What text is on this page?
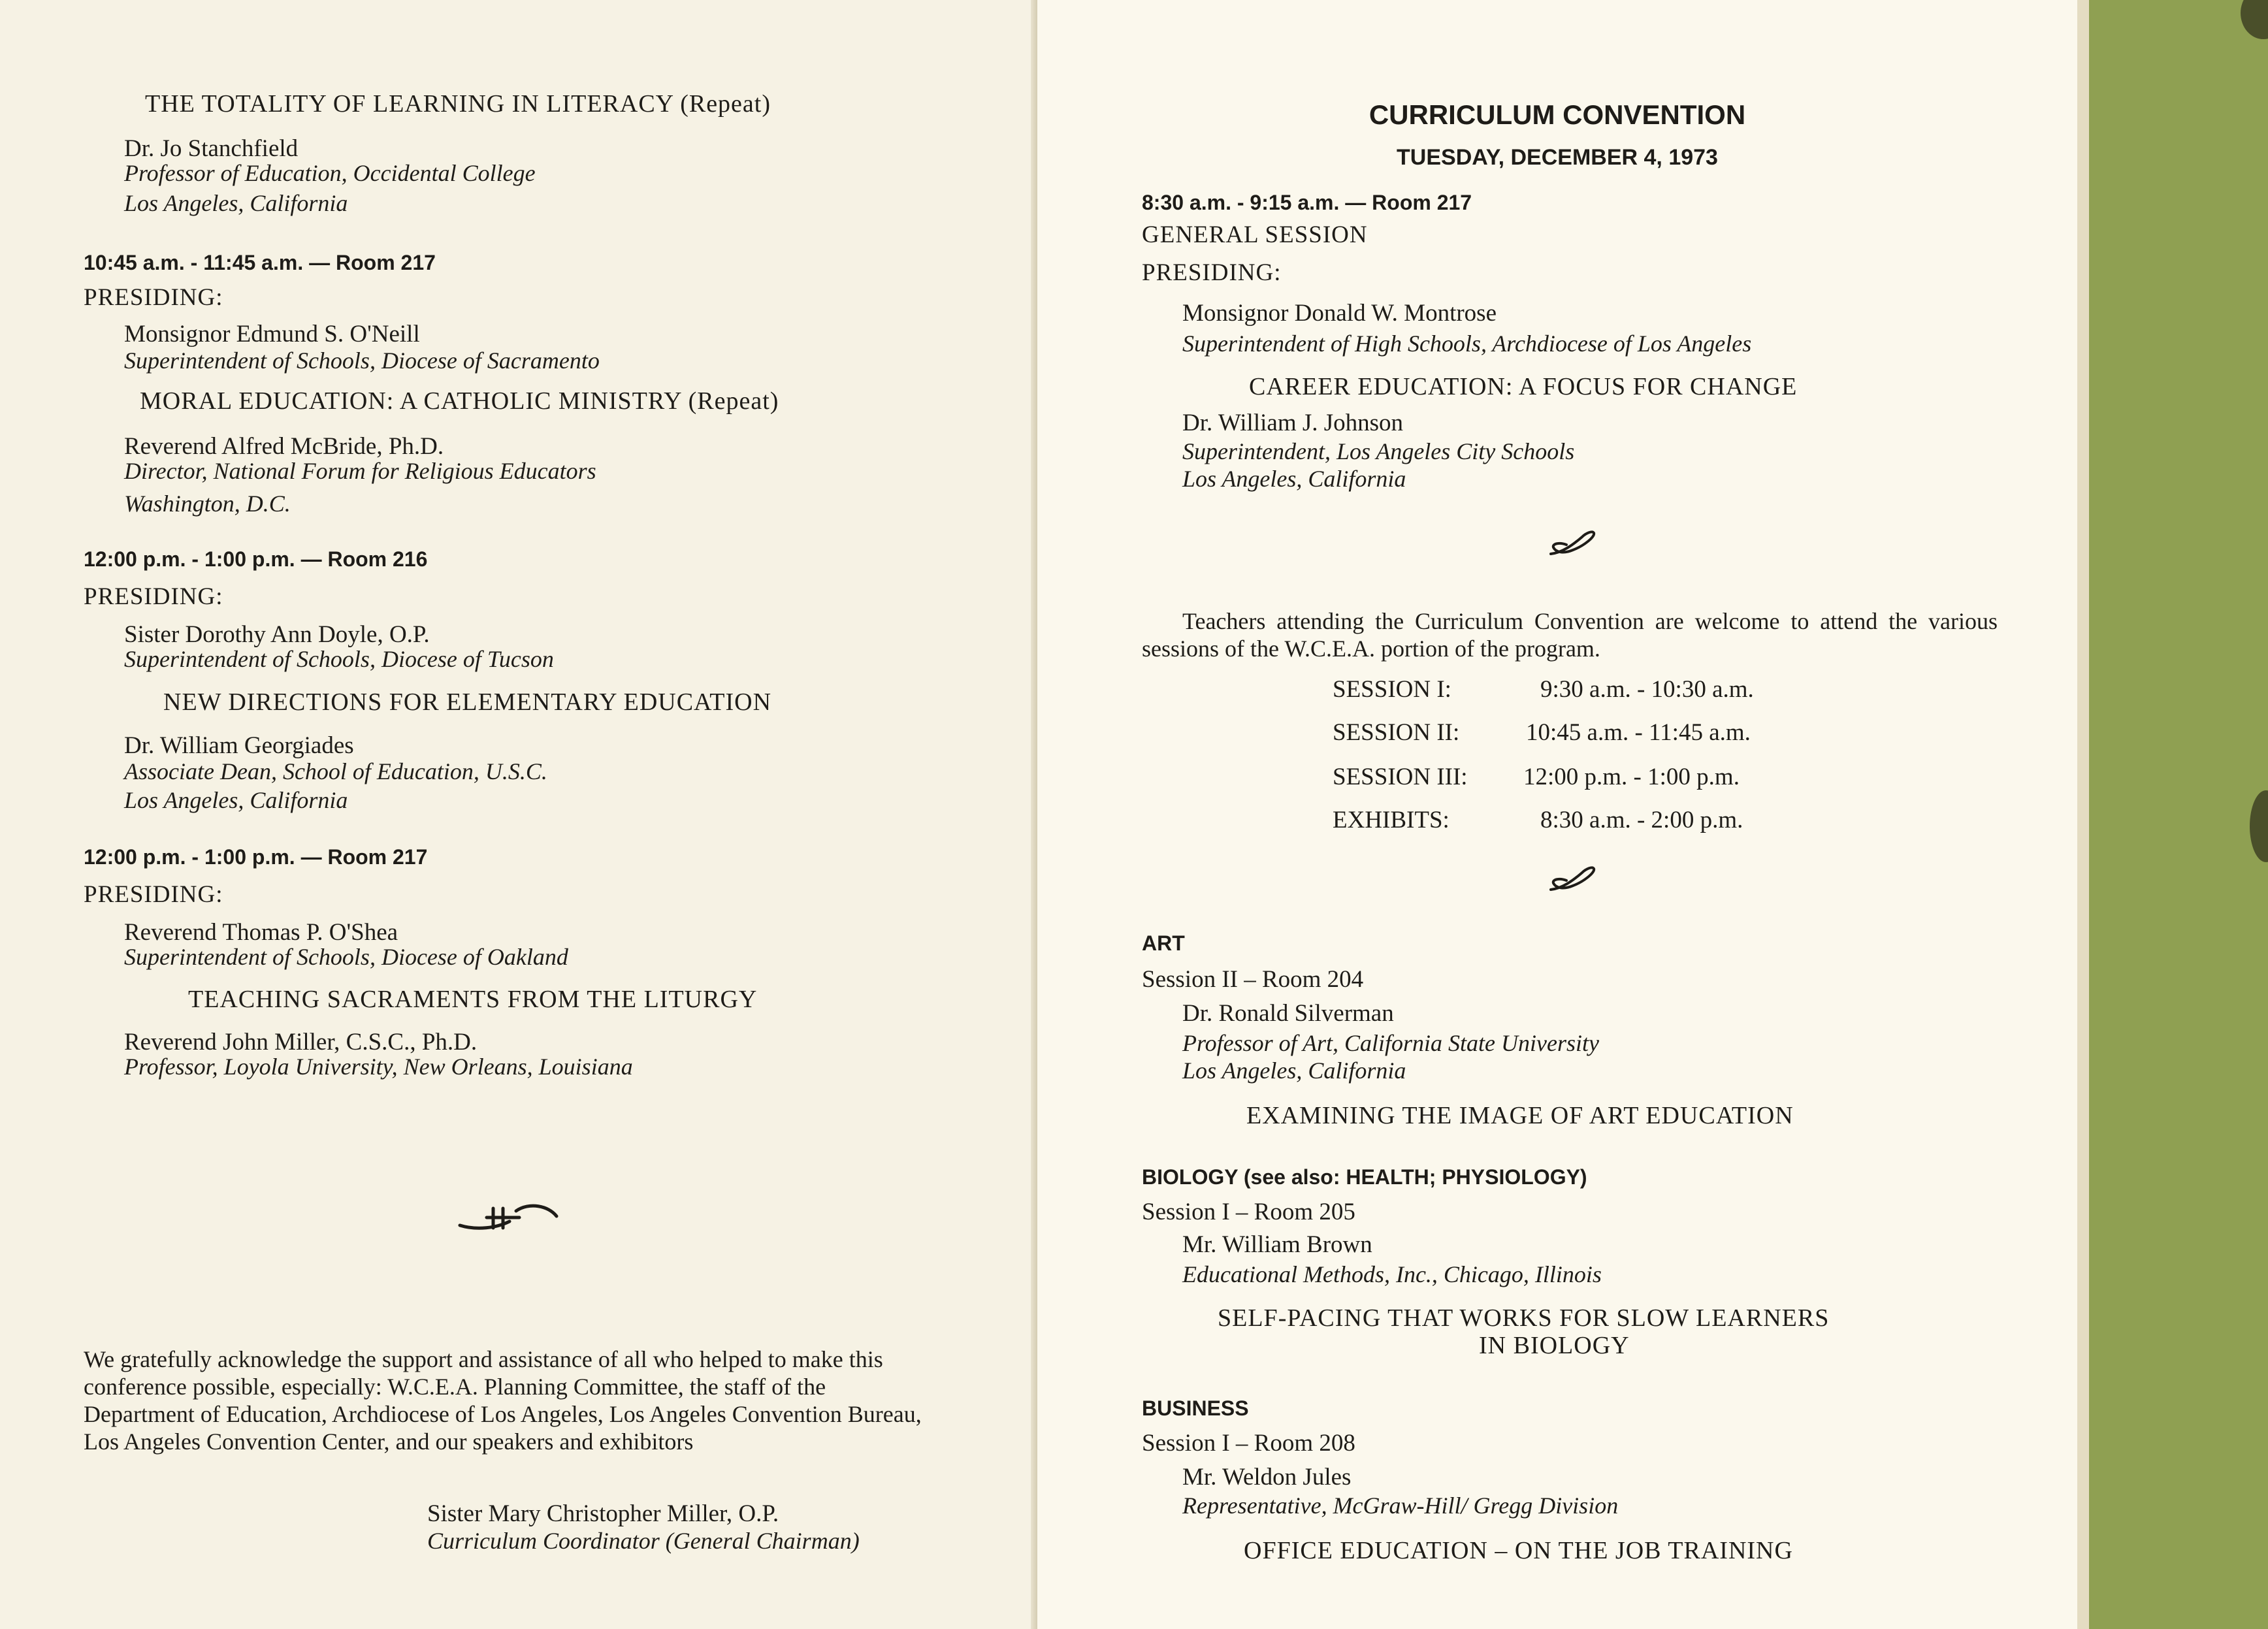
THE TOTALITY OF LEARNING IN LITERACY (Repeat)
Dr. Jo Stanchfield
Professor of Education, Occidental College
Los Angeles, California
10:45 a.m. - 11:45 a.m. — Room 217
PRESIDING:
Monsignor Edmund S. O'Neill
Superintendent of Schools, Diocese of Sacramento
MORAL EDUCATION: A CATHOLIC MINISTRY (Repeat)
Reverend Alfred McBride, Ph.D.
Director, National Forum for Religious Educators
Washington, D.C.
12:00 p.m. - 1:00 p.m. — Room 216
PRESIDING:
Sister Dorothy Ann Doyle, O.P.
Superintendent of Schools, Diocese of Tucson
NEW DIRECTIONS FOR ELEMENTARY EDUCATION
Dr. William Georgiades
Associate Dean, School of Education, U.S.C.
Los Angeles, California
12:00 p.m. - 1:00 p.m. — Room 217
PRESIDING:
Reverend Thomas P. O'Shea
Superintendent of Schools, Diocese of Oakland
TEACHING SACRAMENTS FROM THE LITURGY
Reverend John Miller, C.S.C., Ph.D.
Professor, Loyola University, New Orleans, Louisiana
We gratefully acknowledge the support and assistance of all who helped to make this conference possible, especially: W.C.E.A. Planning Committee, the staff of the Department of Education, Archdiocese of Los Angeles, Los Angeles Convention Bureau, Los Angeles Convention Center, and our speakers and exhibitors
Sister Mary Christopher Miller, O.P.
Curriculum Coordinator (General Chairman)
CURRICULUM CONVENTION
TUESDAY, DECEMBER 4, 1973
8:30 a.m. - 9:15 a.m. — Room 217
GENERAL SESSION
PRESIDING:
Monsignor Donald W. Montrose
Superintendent of High Schools, Archdiocese of Los Angeles
CAREER EDUCATION: A FOCUS FOR CHANGE
Dr. William J. Johnson
Superintendent, Los Angeles City Schools
Los Angeles, California
Teachers attending the Curriculum Convention are welcome to attend the various sessions of the W.C.E.A. portion of the program.
SESSION I:	9:30 a.m. - 10:30 a.m.
SESSION II:	10:45 a.m. - 11:45 a.m.
SESSION III: 12:00 p.m. - 1:00 p.m.
EXHIBITS:	8:30 a.m. - 2:00 p.m.
ART
Session II – Room 204
Dr. Ronald Silverman
Professor of Art, California State University
Los Angeles, California
EXAMINING THE IMAGE OF ART EDUCATION
BIOLOGY (see also: HEALTH; PHYSIOLOGY)
Session I – Room 205
Mr. William Brown
Educational Methods, Inc., Chicago, Illinois
SELF-PACING THAT WORKS FOR SLOW LEARNERS
IN BIOLOGY
BUSINESS
Session I – Room 208
Mr. Weldon Jules
Representative, McGraw-Hill/ Gregg Division
OFFICE EDUCATION – ON THE JOB TRAINING
